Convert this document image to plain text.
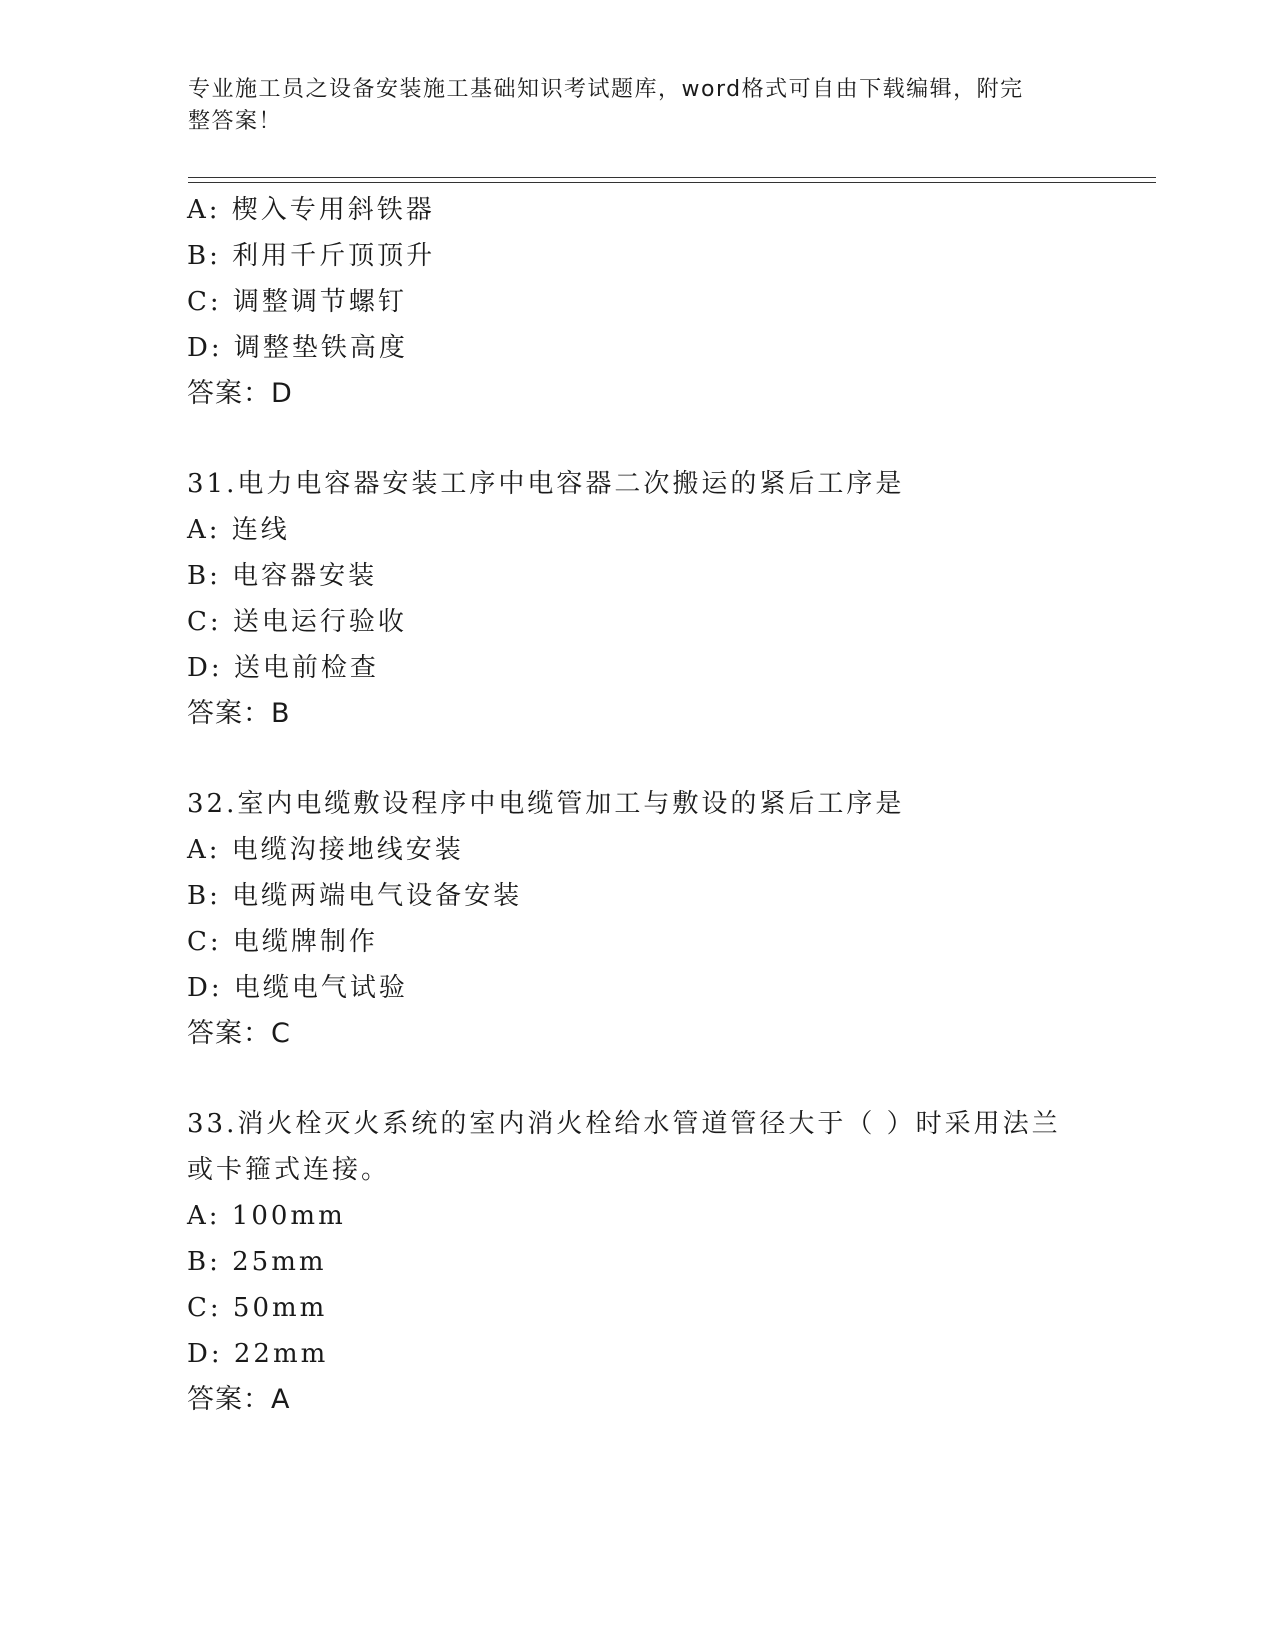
专业施工员之设备安装施工基础知识考试题库，word格式可自由下载编辑，附完
整答案！
A: 楔入专用斜铁器
B: 利用千斤顶顶升
C: 调整调节螺钉
D: 调整垫铁高度
答案：D
31.电力电容器安装工序中电容器二次搬运的紧后工序是
A: 连线
B: 电容器安装
C: 送电运行验收
D: 送电前检查
答案：B
32.室内电缆敷设程序中电缆管加工与敷设的紧后工序是
A: 电缆沟接地线安装
B: 电缆两端电气设备安装
C: 电缆牌制作
D: 电缆电气试验
答案：C
33.消火栓灭火系统的室内消火栓给水管道管径大于（ ）时采用法兰
或卡箍式连接。
A: 100mm
B: 25mm
C: 50mm
D: 22mm
答案：A
